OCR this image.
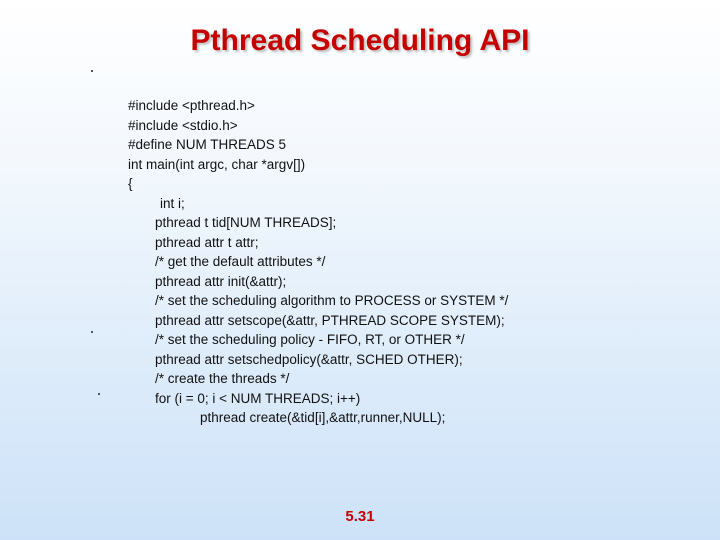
Pthread Scheduling API
#include <pthread.h>
#include <stdio.h>
#define NUM THREADS 5
int main(int argc, char *argv[])
{
int i;
pthread t tid[NUM THREADS];
pthread attr t attr;
/* get the default attributes */
pthread attr init(&attr);
/* set the scheduling algorithm to PROCESS or SYSTEM */
pthread attr setscope(&attr, PTHREAD SCOPE SYSTEM);
/* set the scheduling policy - FIFO, RT, or OTHER */
pthread attr setschedpolicy(&attr, SCHED OTHER);
/* create the threads */
for (i = 0; i < NUM THREADS; i++)
pthread create(&tid[i],&attr,runner,NULL);
5.31
